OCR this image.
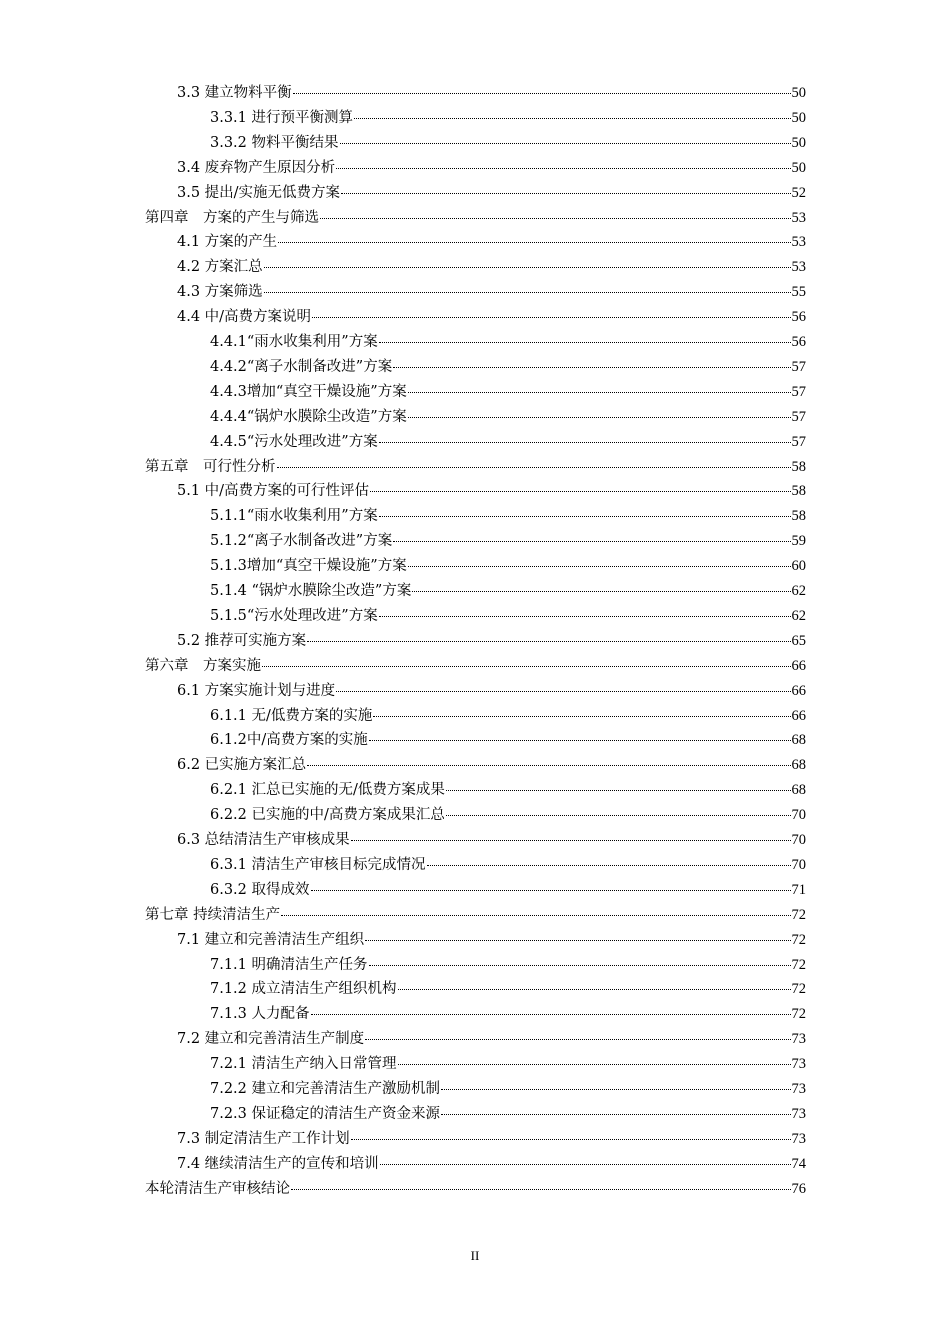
3.3 建立物料平衡	50
3.3.1 进行预平衡测算	50
3.3.2 物料平衡结果	50
3.4 废弃物产生原因分析	50
3.5 提出/实施无低费方案	52
第四章　方案的产生与筛选	53
4.1 方案的产生	53
4.2 方案汇总	53
4.3 方案筛选	55
4.4 中/高费方案说明	56
4.4.1“雨水收集利用”方案	56
4.4.2“离子水制备改进”方案	57
4.4.3增加“真空干燥设施”方案	57
4.4.4“锅炉水膜除尘改造”方案	57
4.4.5“污水处理改进”方案	57
第五章　可行性分析	58
5.1 中/高费方案的可行性评估	58
5.1.1“雨水收集利用”方案	58
5.1.2“离子水制备改进”方案	59
5.1.3增加“真空干燥设施”方案	60
5.1.4 “锅炉水膜除尘改造”方案	62
5.1.5“污水处理改进”方案	62
5.2 推荐可实施方案	65
第六章　方案实施	66
6.1 方案实施计划与进度	66
6.1.1 无/低费方案的实施	66
6.1.2中/高费方案的实施	68
6.2 已实施方案汇总	68
6.2.1 汇总已实施的无/低费方案成果	68
6.2.2 已实施的中/高费方案成果汇总	70
6.3 总结清洁生产审核成果	70
6.3.1 清洁生产审核目标完成情况	70
6.3.2 取得成效	71
第七章 持续清洁生产	72
7.1 建立和完善清洁生产组织	72
7.1.1 明确清洁生产任务	72
7.1.2 成立清洁生产组织机构	72
7.1.3 人力配备	72
7.2 建立和完善清洁生产制度	73
7.2.1 清洁生产纳入日常管理	73
7.2.2 建立和完善清洁生产激励机制	73
7.2.3 保证稳定的清洁生产资金来源	73
7.3 制定清洁生产工作计划	73
7.4 继续清洁生产的宣传和培训	74
本轮清洁生产审核结论	76
II
